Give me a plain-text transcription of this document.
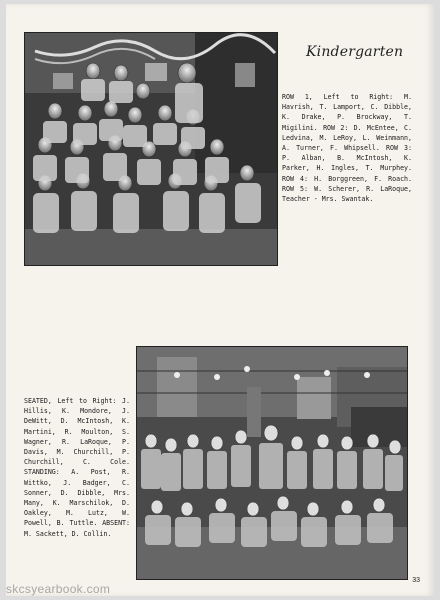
Kindergarten
ROW 1, Left to Right: M. Havrish, T. Lamport, C. Dibble, K. Drake, P. Brockway, T. Migilini. ROW 2: D. McEntee, C. Ledvina, M. LeRoy, L. Weinmann, A. Turner, F. Whipsell. ROW 3: P. Alban, B. McIntosh, K. Parker, H. Ingles, T. Murphey. ROW 4: H. Borggreen, F. Roach. ROW 5: W. Scherer, R. LaRoque, Teacher - Mrs. Swantak.
SEATED, Left to Right: J. Hillis, K. Mondore, J. DeWitt, D. McIntosh, K. Martini, R. Moulton, S. Wagner, R. LaRoque, P. Davis, M. Churchill, P. Churchill, C. Cole. STANDING: A. Post, R. Wittko, J. Badger, C. Sonner, D. Dibble, Mrs. Many, K. Marschilok, D. Oakley, M. Lutz, W. Powell, B. Tuttle. ABSENT: M. Sackett, D. Collin.
33
skcsyearbook.com
